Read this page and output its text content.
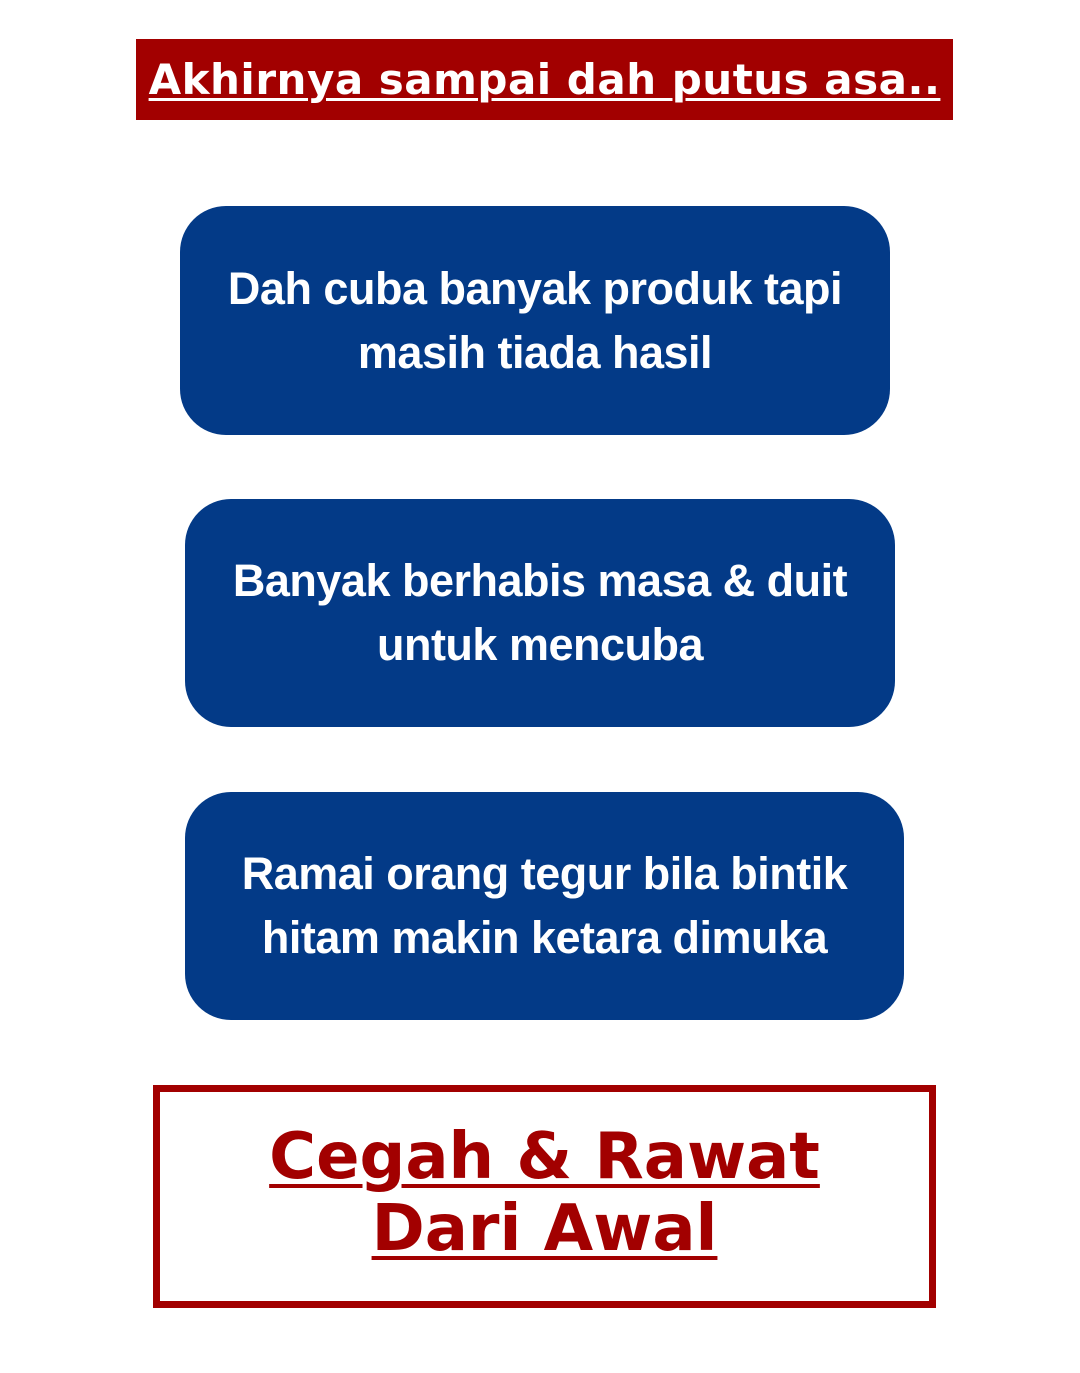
Akhirnya sampai dah putus asa..
Dah cuba banyak produk tapi masih tiada hasil
Banyak berhabis masa & duit untuk mencuba
Ramai orang tegur bila bintik hitam makin ketara dimuka
Cegah & Rawat Dari Awal
